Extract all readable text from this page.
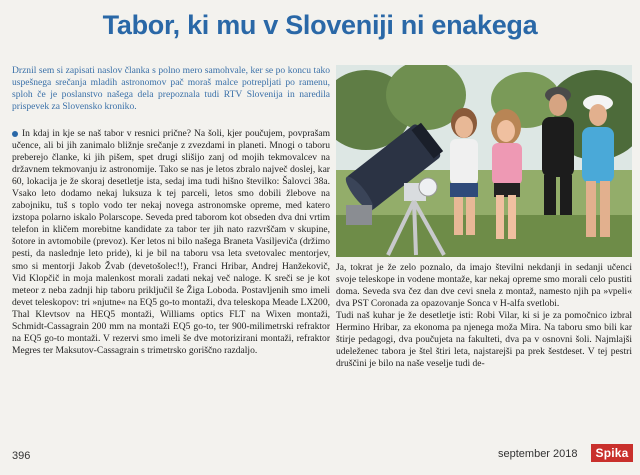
Tabor, ki mu v Sloveniji ni enakega
Drznil sem si zapisati naslov članka s polno mero samohvale, ker se po koncu tako uspešnega srečanja mladih astronomov pač moraš malce potrepljati po ramenu, sploh če je poslanstvo našega dela prepoznala tudi RTV Slovenija in naredila prispevek za Slovensko kroniko.
In kdaj in kje se naš tabor v resnici prične? Na šoli, kjer poučujem, povprašam učence, ali bi jih zanimalo bližnje srečanje z zvezdami in planeti. Mnogi o taboru preberejo članke, ki jih pišem, spet drugi slišijo zanj od mojih tekmovalcev na državnem tekmovanju iz astronomije. Tako se nas je letos zbralo največ doslej, kar 60, lokacija je že skoraj desetletje ista, sedaj ima tudi hišno številko: Šalovci 38a. Vsako leto dodamo nekaj luksuza k tej parceli, letos smo dobili žlebove na zabojniku, tuš s toplo vodo ter nekaj novega astronomske opreme, med katero izstopa polarno iskalo Polarscope. Seveda pred taborom kot obseden dva dni vrtim telefon in kličem morebitne kandidate za tabor ter jih nato razvrščam v skupine, šotore in avtomobile (prevoz). Ker letos ni bilo našega Braneta Vasiljeviča (držimo pesti, da naslednje leto pride), ki je bil na taboru vsa leta svetovalec mentorjev, smo si mentorji Jakob Žvab (devetošolec!!), Franci Hribar, Andrej Hanžekovič, Vid Klopčič in moja malenkost morali zadati nekaj več naloge. K sreči se je kot meteor z neba zadnji hip taboru priključil še Žiga Loboda. Postavljenih smo imeli devet teleskopov: tri »njutne« na EQ5 go-to montaži, dva teleskopa Meade LX200, Thal Klevtsov na HEQ5 montaži, Williams optics FLT na Wixen montaži, Schmidt-Cassagrain 200 mm na montaži EQ5 go-to, ter 900-milimetrski refraktor na EQ5 go-to montaži. V rezervi smo imeli še dve motorizirani montaži, refraktor Megres ter Maksutov-Cassagrain s trimetrsko goriščno razdaljo.

Ja, tokrat je že zelo poznalo, da imajo številni nekdanji in sedanji učenci svoje teleskope in vodene montaže, kar nekaj opreme smo morali celo pustiti doma. Seveda sva čez dan dve cevi snela z montaž, namesto njih pa »vpeli« dva PST Coronada za opazovanje Sonca v H-alfa svetlobi.

Tudi naš kuhar je že desetletje isti: Robi Vilar, ki si je za pomočnico izbral Hermino Hribar, za ekonoma pa njenega moža Mira. Na taboru smo bili kar štirje pedagogi, dva poučujeta na fakulteti, dva pa v osnovni šoli. Najmlajši udeleženec tabora je štel štiri leta, najstarejši pa prek šestdeset. V tej pestri druščini je bilo na naše veselje tudi de-

396	september 2018	Spika
